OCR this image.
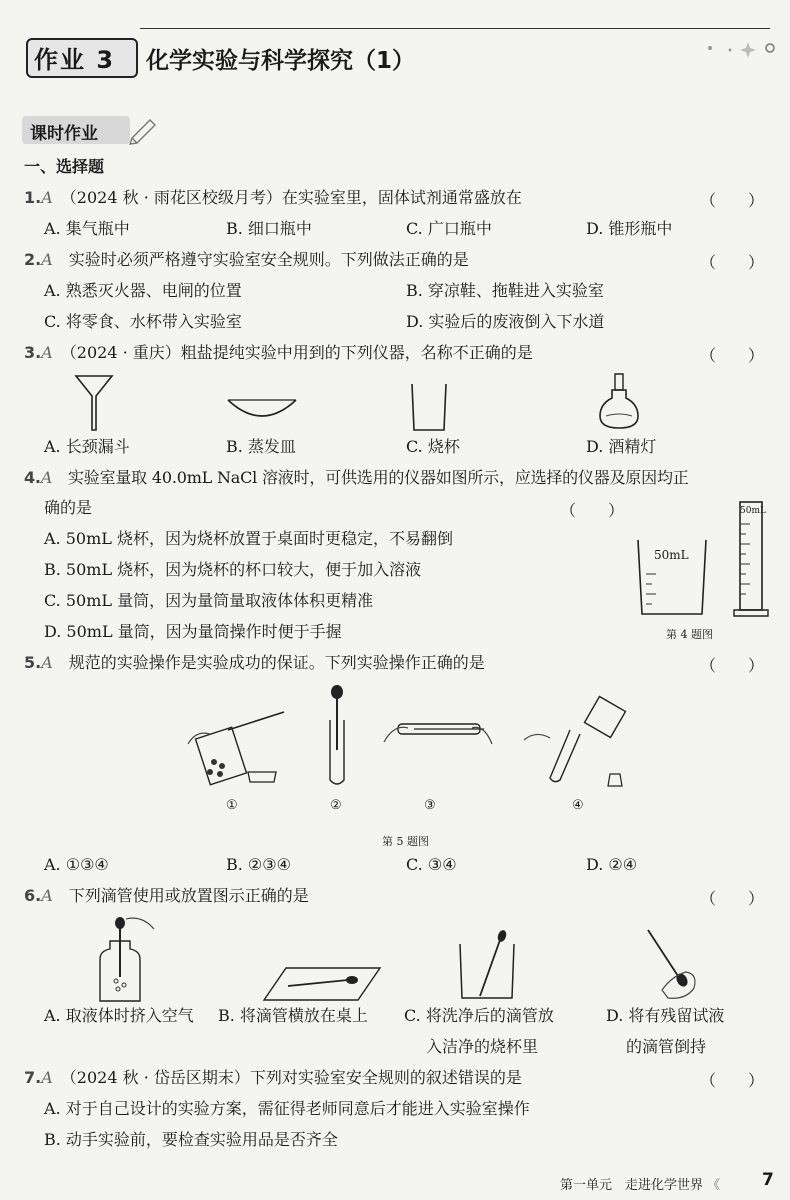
作业 3 化学实验与科学探究（1）
课时作业
一、选择题
1.A　 （2024 秋 · 雨花区校级月考）在实验室里，固体试剂通常盛放在	（　　）
A. 集气瓶中	B. 细口瓶中	C. 广口瓶中	D. 锥形瓶中
2.A　 实验时必须严格遵守实验室安全规则。下列做法正确的是	（　　）
A. 熟悉灭火器、电闸的位置	B. 穿凉鞋、拖鞋进入实验室
C. 将零食、水杯带入实验室	D. 实验后的废液倒入下水道
3.A　 （2024 · 重庆）粗盐提纯实验中用到的下列仪器，名称不正确的是	（　　）
A. 长颈漏斗	B. 蒸发皿	C. 烧杯	D. 酒精灯
4.A　 实验室量取 40.0mL NaCl 溶液时，可供选用的仪器如图所示，应选择的仪器及原因均正
确的是	（　　）
A. 50mL 烧杯，因为烧杯放置于桌面时更稳定，不易翻倒
B. 50mL 烧杯，因为烧杯的杯口较大，便于加入溶液
C. 50mL 量筒，因为量筒量取液体体积更精准
D. 50mL 量筒，因为量筒操作时便于手握
50mL
50mL
第 4 题图
5.A　 规范的实验操作是实验成功的保证。下列实验操作正确的是	（　　）
①	②	③	④
第 5 题图
A. ①③④	B. ②③④	C. ③④	D. ②④
6.A　 下列滴管使用或放置图示正确的是	（　　）
A. 取液体时挤入空气 B. 将滴管横放在桌上 C. 将洗净后的滴管放
入洁净的烧杯里
D. 将有残留试液
的滴管倒持
7.A　 （2024 秋 · 岱岳区期末）下列对实验室安全规则的叙述错误的是	（　　）
A. 对于自己设计的实验方案，需征得老师同意后才能进入实验室操作
B. 动手实验前，要检查实验用品是否齐全
第一单元　走进化学世界 《 7
